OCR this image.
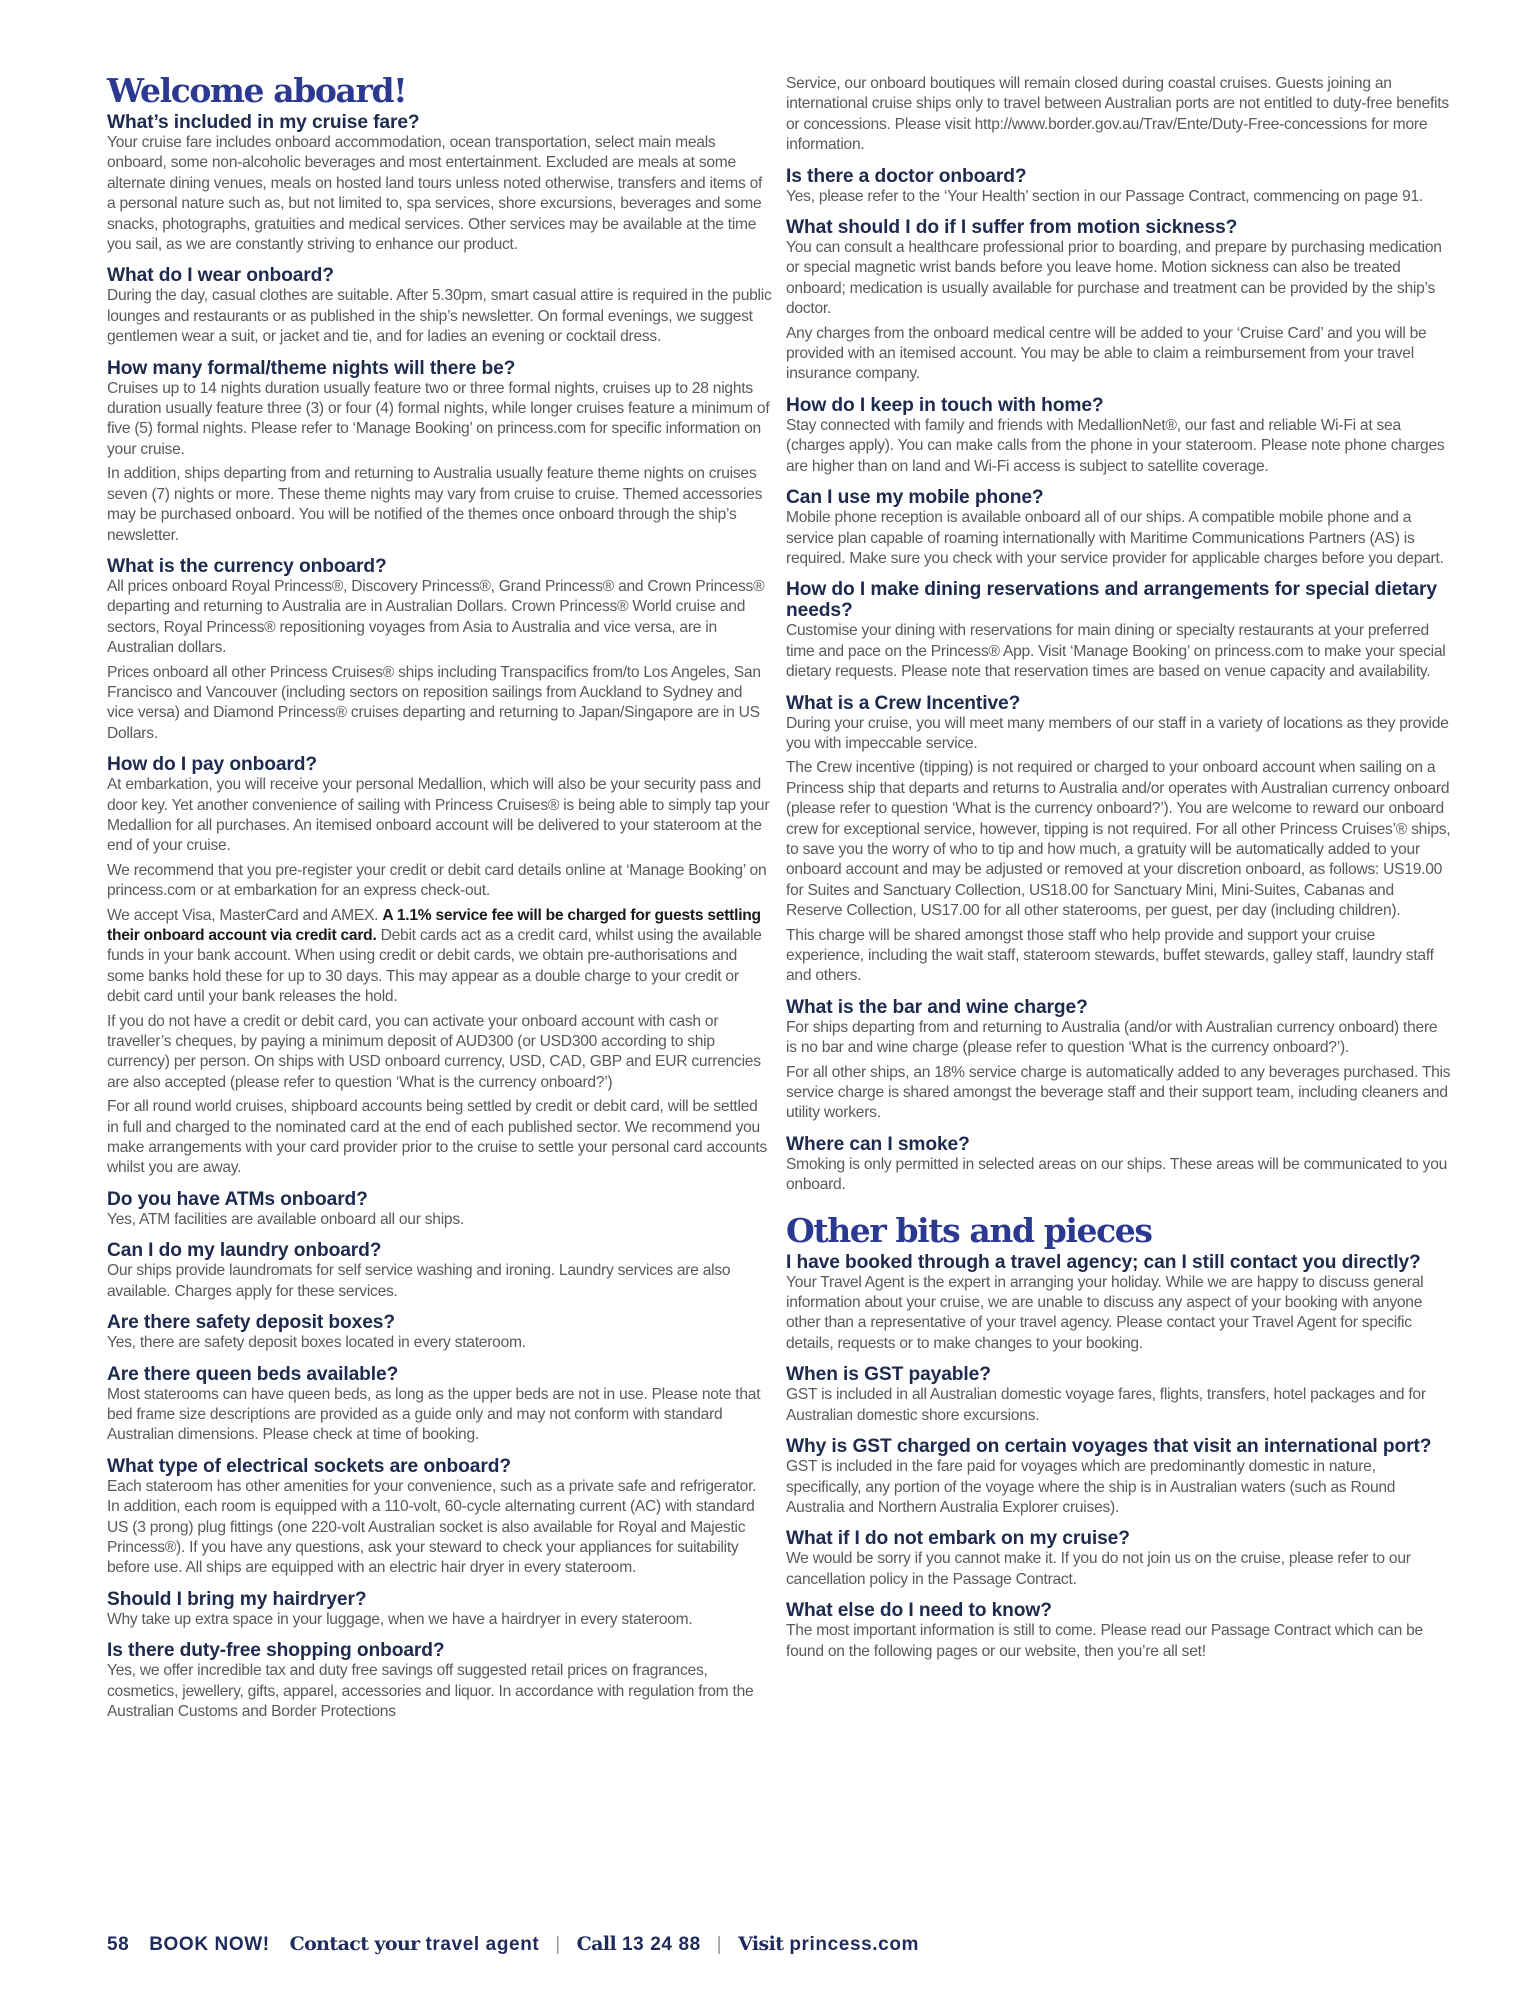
Welcome aboard!
What’s included in my cruise fare?

Your cruise fare includes onboard accommodation, ocean transportation, select main meals onboard, some non-alcoholic beverages and most entertainment. Excluded are meals at some alternate dining venues, meals on hosted land tours unless noted otherwise, transfers and items of a personal nature such as, but not limited to, spa services, shore excursions, beverages and some snacks, photographs, gratuities and medical services. Other services may be available at the time you sail, as we are constantly striving to enhance our product.

What do I wear onboard?

During the day, casual clothes are suitable. After 5.30pm, smart casual attire is required in the public lounges and restaurants or as published in the ship’s newsletter. On formal evenings, we suggest gentlemen wear a suit, or jacket and tie, and for ladies an evening or cocktail dress.

How many formal/theme nights will there be?

Cruises up to 14 nights duration usually feature two or three formal nights, cruises up to 28 nights duration usually feature three (3) or four (4) formal nights, while longer cruises feature a minimum of five (5) formal nights. Please refer to ‘Manage Booking’ on princess.com for specific information on your cruise.

In addition, ships departing from and returning to Australia usually feature theme nights on cruises seven (7) nights or more. These theme nights may vary from cruise to cruise. Themed accessories may be purchased onboard. You will be notified of the themes once onboard through the ship’s newsletter.

What is the currency onboard?

All prices onboard Royal Princess®, Discovery Princess®, Grand Princess® and Crown Princess® departing and returning to Australia are in Australian Dollars. Crown Princess® World cruise and sectors, Royal Princess® repositioning voyages from Asia to Australia and vice versa, are in Australian dollars.

Prices onboard all other Princess Cruises® ships including Transpacifics from/to Los Angeles, San Francisco and Vancouver (including sectors on reposition sailings from Auckland to Sydney and vice versa) and Diamond Princess® cruises departing and returning to Japan/Singapore are in US Dollars.

How do I pay onboard?

At embarkation, you will receive your personal Medallion, which will also be your security pass and door key. Yet another convenience of sailing with Princess Cruises® is being able to simply tap your Medallion for all purchases. An itemised onboard account will be delivered to your stateroom at the end of your cruise.

We recommend that you pre-register your credit or debit card details online at ‘Manage Booking’ on princess.com or at embarkation for an express check-out.

We accept Visa, MasterCard and AMEX. A 1.1% service fee will be charged for guests settling their onboard account via credit card. Debit cards act as a credit card, whilst using the available funds in your bank account. When using credit or debit cards, we obtain pre-authorisations and some banks hold these for up to 30 days. This may appear as a double charge to your credit or debit card until your bank releases the hold.

If you do not have a credit or debit card, you can activate your onboard account with cash or traveller’s cheques, by paying a minimum deposit of AUD300 (or USD300 according to ship currency) per person. On ships with USD onboard currency, USD, CAD, GBP and EUR currencies are also accepted (please refer to question ‘What is the currency onboard?’)

For all round world cruises, shipboard accounts being settled by credit or debit card, will be settled in full and charged to the nominated card at the end of each published sector. We recommend you make arrangements with your card provider prior to the cruise to settle your personal card accounts whilst you are away.

Do you have ATMs onboard?

Yes, ATM facilities are available onboard all our ships.

Can I do my laundry onboard?

Our ships provide laundromats for self service washing and ironing. Laundry services are also available. Charges apply for these services.

Are there safety deposit boxes?

Yes, there are safety deposit boxes located in every stateroom.

Are there queen beds available?

Most staterooms can have queen beds, as long as the upper beds are not in use. Please note that bed frame size descriptions are provided as a guide only and may not conform with standard Australian dimensions. Please check at time of booking.

What type of electrical sockets are onboard?

Each stateroom has other amenities for your convenience, such as a private safe and refrigerator. In addition, each room is equipped with a 110-volt, 60-cycle alternating current (AC) with standard US (3 prong) plug fittings (one 220-volt Australian socket is also available for Royal and Majestic Princess®). If you have any questions, ask your steward to check your appliances for suitability before use. All ships are equipped with an electric hair dryer in every stateroom.

Should I bring my hairdryer?

Why take up extra space in your luggage, when we have a hairdryer in every stateroom.

Is there duty-free shopping onboard?

Yes, we offer incredible tax and duty free savings off suggested retail prices on fragrances, cosmetics, jewellery, gifts, apparel, accessories and liquor. In accordance with regulation from the Australian Customs and Border Protections

Service, our onboard boutiques will remain closed during coastal cruises. Guests joining an international cruise ships only to travel between Australian ports are not entitled to duty-free benefits or concessions. Please visit http://www.border.gov.au/Trav/Ente/Duty-Free-concessions for more information.

Is there a doctor onboard?

Yes, please refer to the ‘Your Health’ section in our Passage Contract, commencing on page 91.

What should I do if I suffer from motion sickness?

You can consult a healthcare professional prior to boarding, and prepare by purchasing medication or special magnetic wrist bands before you leave home. Motion sickness can also be treated onboard; medication is usually available for purchase and treatment can be provided by the ship’s doctor.

Any charges from the onboard medical centre will be added to your ‘Cruise Card’ and you will be provided with an itemised account. You may be able to claim a reimbursement from your travel insurance company.

How do I keep in touch with home?

Stay connected with family and friends with MedallionNet®, our fast and reliable Wi-Fi at sea (charges apply). You can make calls from the phone in your stateroom. Please note phone charges are higher than on land and Wi-Fi access is subject to satellite coverage.

Can I use my mobile phone?

Mobile phone reception is available onboard all of our ships. A compatible mobile phone and a service plan capable of roaming internationally with Maritime Communications Partners (AS) is required. Make sure you check with your service provider for applicable charges before you depart.

How do I make dining reservations and arrangements for special dietary needs?

Customise your dining with reservations for main dining or specialty restaurants at your preferred time and pace on the Princess® App. Visit ‘Manage Booking’ on princess.com to make your special dietary requests. Please note that reservation times are based on venue capacity and availability.

What is a Crew Incentive?

During your cruise, you will meet many members of our staff in a variety of locations as they provide you with impeccable service.

The Crew incentive (tipping) is not required or charged to your onboard account when sailing on a Princess ship that departs and returns to Australia and/or operates with Australian currency onboard (please refer to question ‘What is the currency onboard?’). You are welcome to reward our onboard crew for exceptional service, however, tipping is not required. For all other Princess Cruises’® ships, to save you the worry of who to tip and how much, a gratuity will be automatically added to your onboard account and may be adjusted or removed at your discretion onboard, as follows: US19.00 for Suites and Sanctuary Collection, US18.00 for Sanctuary Mini, Mini-Suites, Cabanas and Reserve Collection, US17.00 for all other staterooms, per guest, per day (including children).

This charge will be shared amongst those staff who help provide and support your cruise experience, including the wait staff, stateroom stewards, buffet stewards, galley staff, laundry staff and others.

What is the bar and wine charge?

For ships departing from and returning to Australia (and/or with Australian currency onboard) there is no bar and wine charge (please refer to question ‘What is the currency onboard?’).

For all other ships, an 18% service charge is automatically added to any beverages purchased. This service charge is shared amongst the beverage staff and their support team, including cleaners and utility workers.

Where can I smoke?

Smoking is only permitted in selected areas on our ships. These areas will be communicated to you onboard.

Other bits and pieces
I have booked through a travel agency; can I still contact you directly?

Your Travel Agent is the expert in arranging your holiday. While we are happy to discuss general information about your cruise, we are unable to discuss any aspect of your booking with anyone other than a representative of your travel agency. Please contact your Travel Agent for specific details, requests or to make changes to your booking.

When is GST payable?

GST is included in all Australian domestic voyage fares, flights, transfers, hotel packages and for Australian domestic shore excursions.

Why is GST charged on certain voyages that visit an international port?

GST is included in the fare paid for voyages which are predominantly domestic in nature, specifically, any portion of the voyage where the ship is in Australian waters (such as Round Australia and Northern Australia Explorer cruises).

What if I do not embark on my cruise?

We would be sorry if you cannot make it. If you do not join us on the cruise, please refer to our cancellation policy in the Passage Contract.

What else do I need to know?

The most important information is still to come. Please read our Passage Contract which can be found on the following pages or our website, then you’re all set!

58 BOOK NOW! Contact your travel agent | Call 13 24 88 | Visit princess.com
